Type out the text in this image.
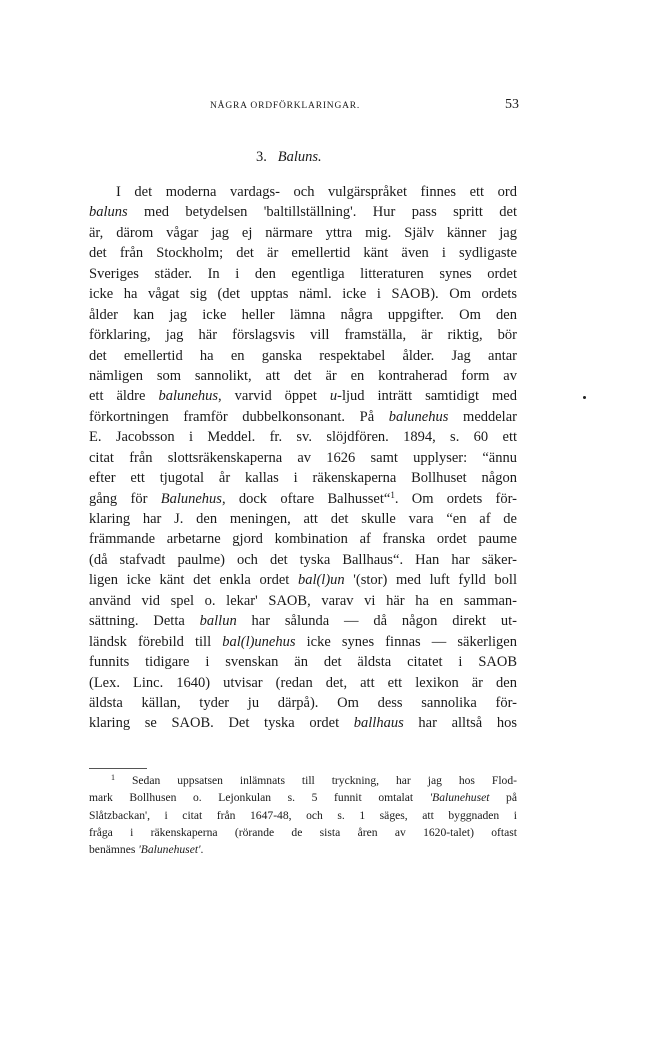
NÅGRA ORDFÖRKLARINGAR.	53
3. Baluns.
I det moderna vardags- och vulgärspråket finnes ett ord
baluns med betydelsen 'baltillställning'. Hur pass spritt det
är, därom vågar jag ej närmare yttra mig. Själv känner jag
det från Stockholm; det är emellertid känt även i sydligaste
Sveriges städer. In i den egentliga litteraturen synes ordet
icke ha vågat sig (det upptas näml. icke i SAOB). Om ordets
ålder kan jag icke heller lämna några uppgifter. Om den
förklaring, jag här förslagsvis vill framställa, är riktig, bör
det emellertid ha en ganska respektabel ålder. Jag antar
nämligen som sannolikt, att det är en kontraherad form av
ett äldre balunehus, varvid öppet u-ljud inträtt samtidigt med
förkortningen framför dubbelkonsonant. På balunehus meddelar
E. Jacobsson i Meddel. fr. sv. slöjdfören. 1894, s. 60 ett
citat från slottsräkenskaperna av 1626 samt upplyser: “ännu
efter ett tjugotal år kallas i räkenskaperna Bollhuset någon
gång för Balunehus, dock oftare Balhusset“$^1$. Om ordets för-
klaring har J. den meningen, att det skulle vara “en af de
främmande arbetarne gjord kombination af franska ordet paume
(då stafvadt paulme) och det tyska Ballhaus“. Han har säker-
ligen icke känt det enkla ordet bal(l)un '(stor) med luft fylld boll
använd vid spel o. lekar' SAOB, varav vi här ha en samman-
sättning. Detta ballun har sålunda — då någon direkt ut-
ländsk förebild till bal(l)unehus icke synes finnas — säkerligen
funnits tidigare i svenskan än det äldsta citatet i SAOB
(Lex. Linc. 1640) utvisar (redan det, att ett lexikon är den
äldsta källan, tyder ju därpå). Om dess sannolika för-
klaring se SAOB. Det tyska ordet ballhaus har alltså hos
$^1$ Sedan uppsatsen inlämnats till tryckning, har jag hos Flod-
mark Bollhusen o. Lejonkulan s. 5 funnit omtalat 'Balunehuset på
Slåtzbackan', i citat från 1647-48, och s. 1 säges, att byggnaden i
fråga i räkenskaperna (rörande de sista åren av 1620-talet) oftast
benämnes 'Balunehuset'.
